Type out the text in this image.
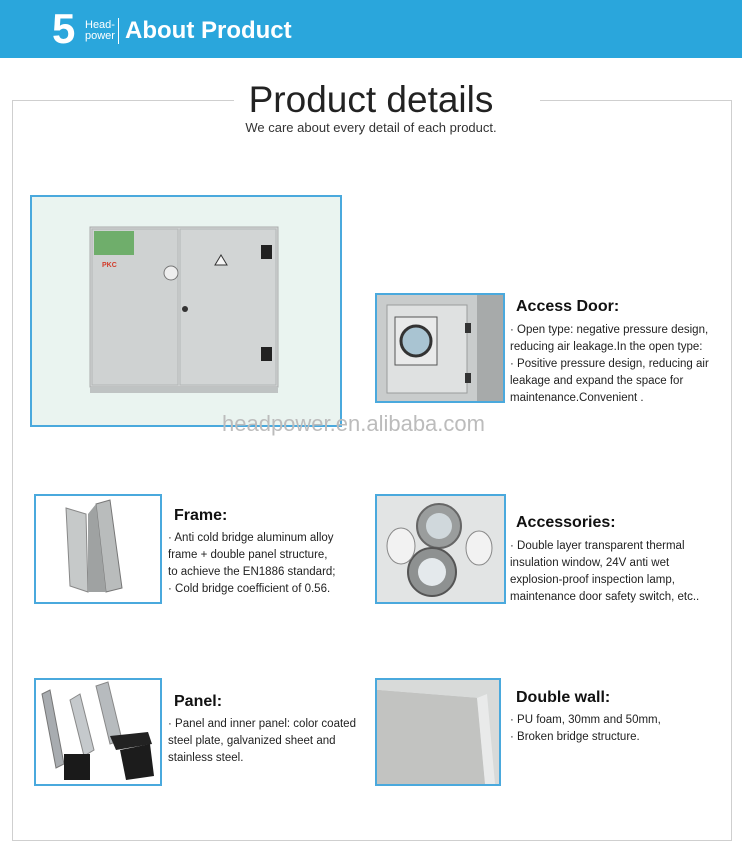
5 Head-
power About Product
Product details
We care about every detail of each product.
PKC
headpower.en.alibaba.com
Access Door:
· Open type: negative pressure design,
reducing air leakage.In the open type:
· Positive pressure design, reducing air
leakage and expand the space for
maintenance.Convenient .
Frame:
· Anti cold bridge aluminum alloy
frame + double panel structure,
to achieve the EN1886 standard;
· Cold bridge coefficient of 0.56.
Accessories:
· Double layer transparent thermal
insulation window, 24V anti wet
explosion-proof inspection lamp,
maintenance door safety switch, etc..
Panel:
· Panel and inner panel: color coated
steel plate, galvanized sheet and
stainless steel.
Double wall:
· PU foam, 30mm and 50mm,
· Broken bridge structure.
